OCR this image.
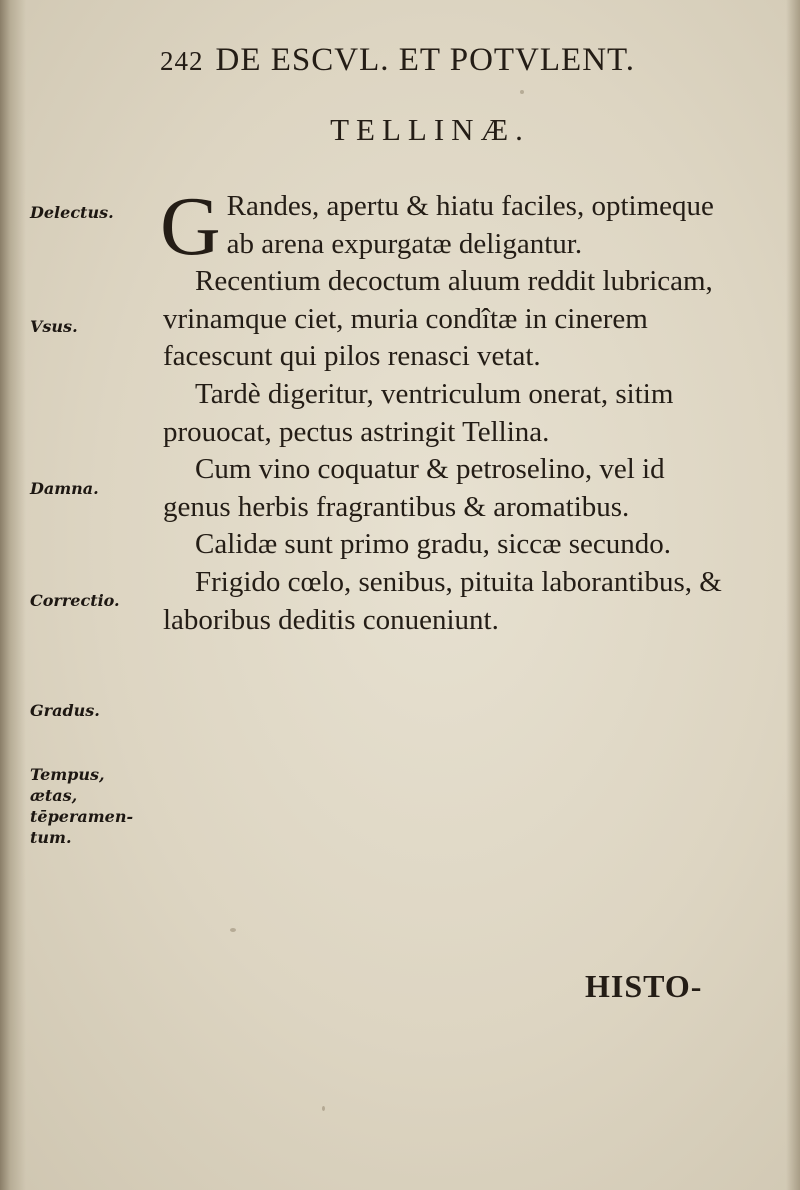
242 DE ESCVL. ET POTVLENT.
TELLINÆ.
Delectus.
Vsus.
Damna.
Correctio.
Gradus.
Tempus, ætas, tēperamen- tum.

G Randes, apertu & hiatu faciles, optimeque ab arena expurgatæ deligantur.

Recentium decoctum aluum reddit lubricam, vrinamque ciet, muria condîtæ in cinerem facescunt qui pilos renasci vetat.

Tardè digeritur, ventriculum onerat, sitim prouocat, pectus astringit Tellina.

Cum vino coquatur & petroselino, vel id genus herbis fragrantibus & aromatibus.

Calidæ sunt primo gradu, siccæ secundo.

Frigido cœlo, senibus, pituita laborantibus, & laboribus deditis conueniunt.

HISTO-
